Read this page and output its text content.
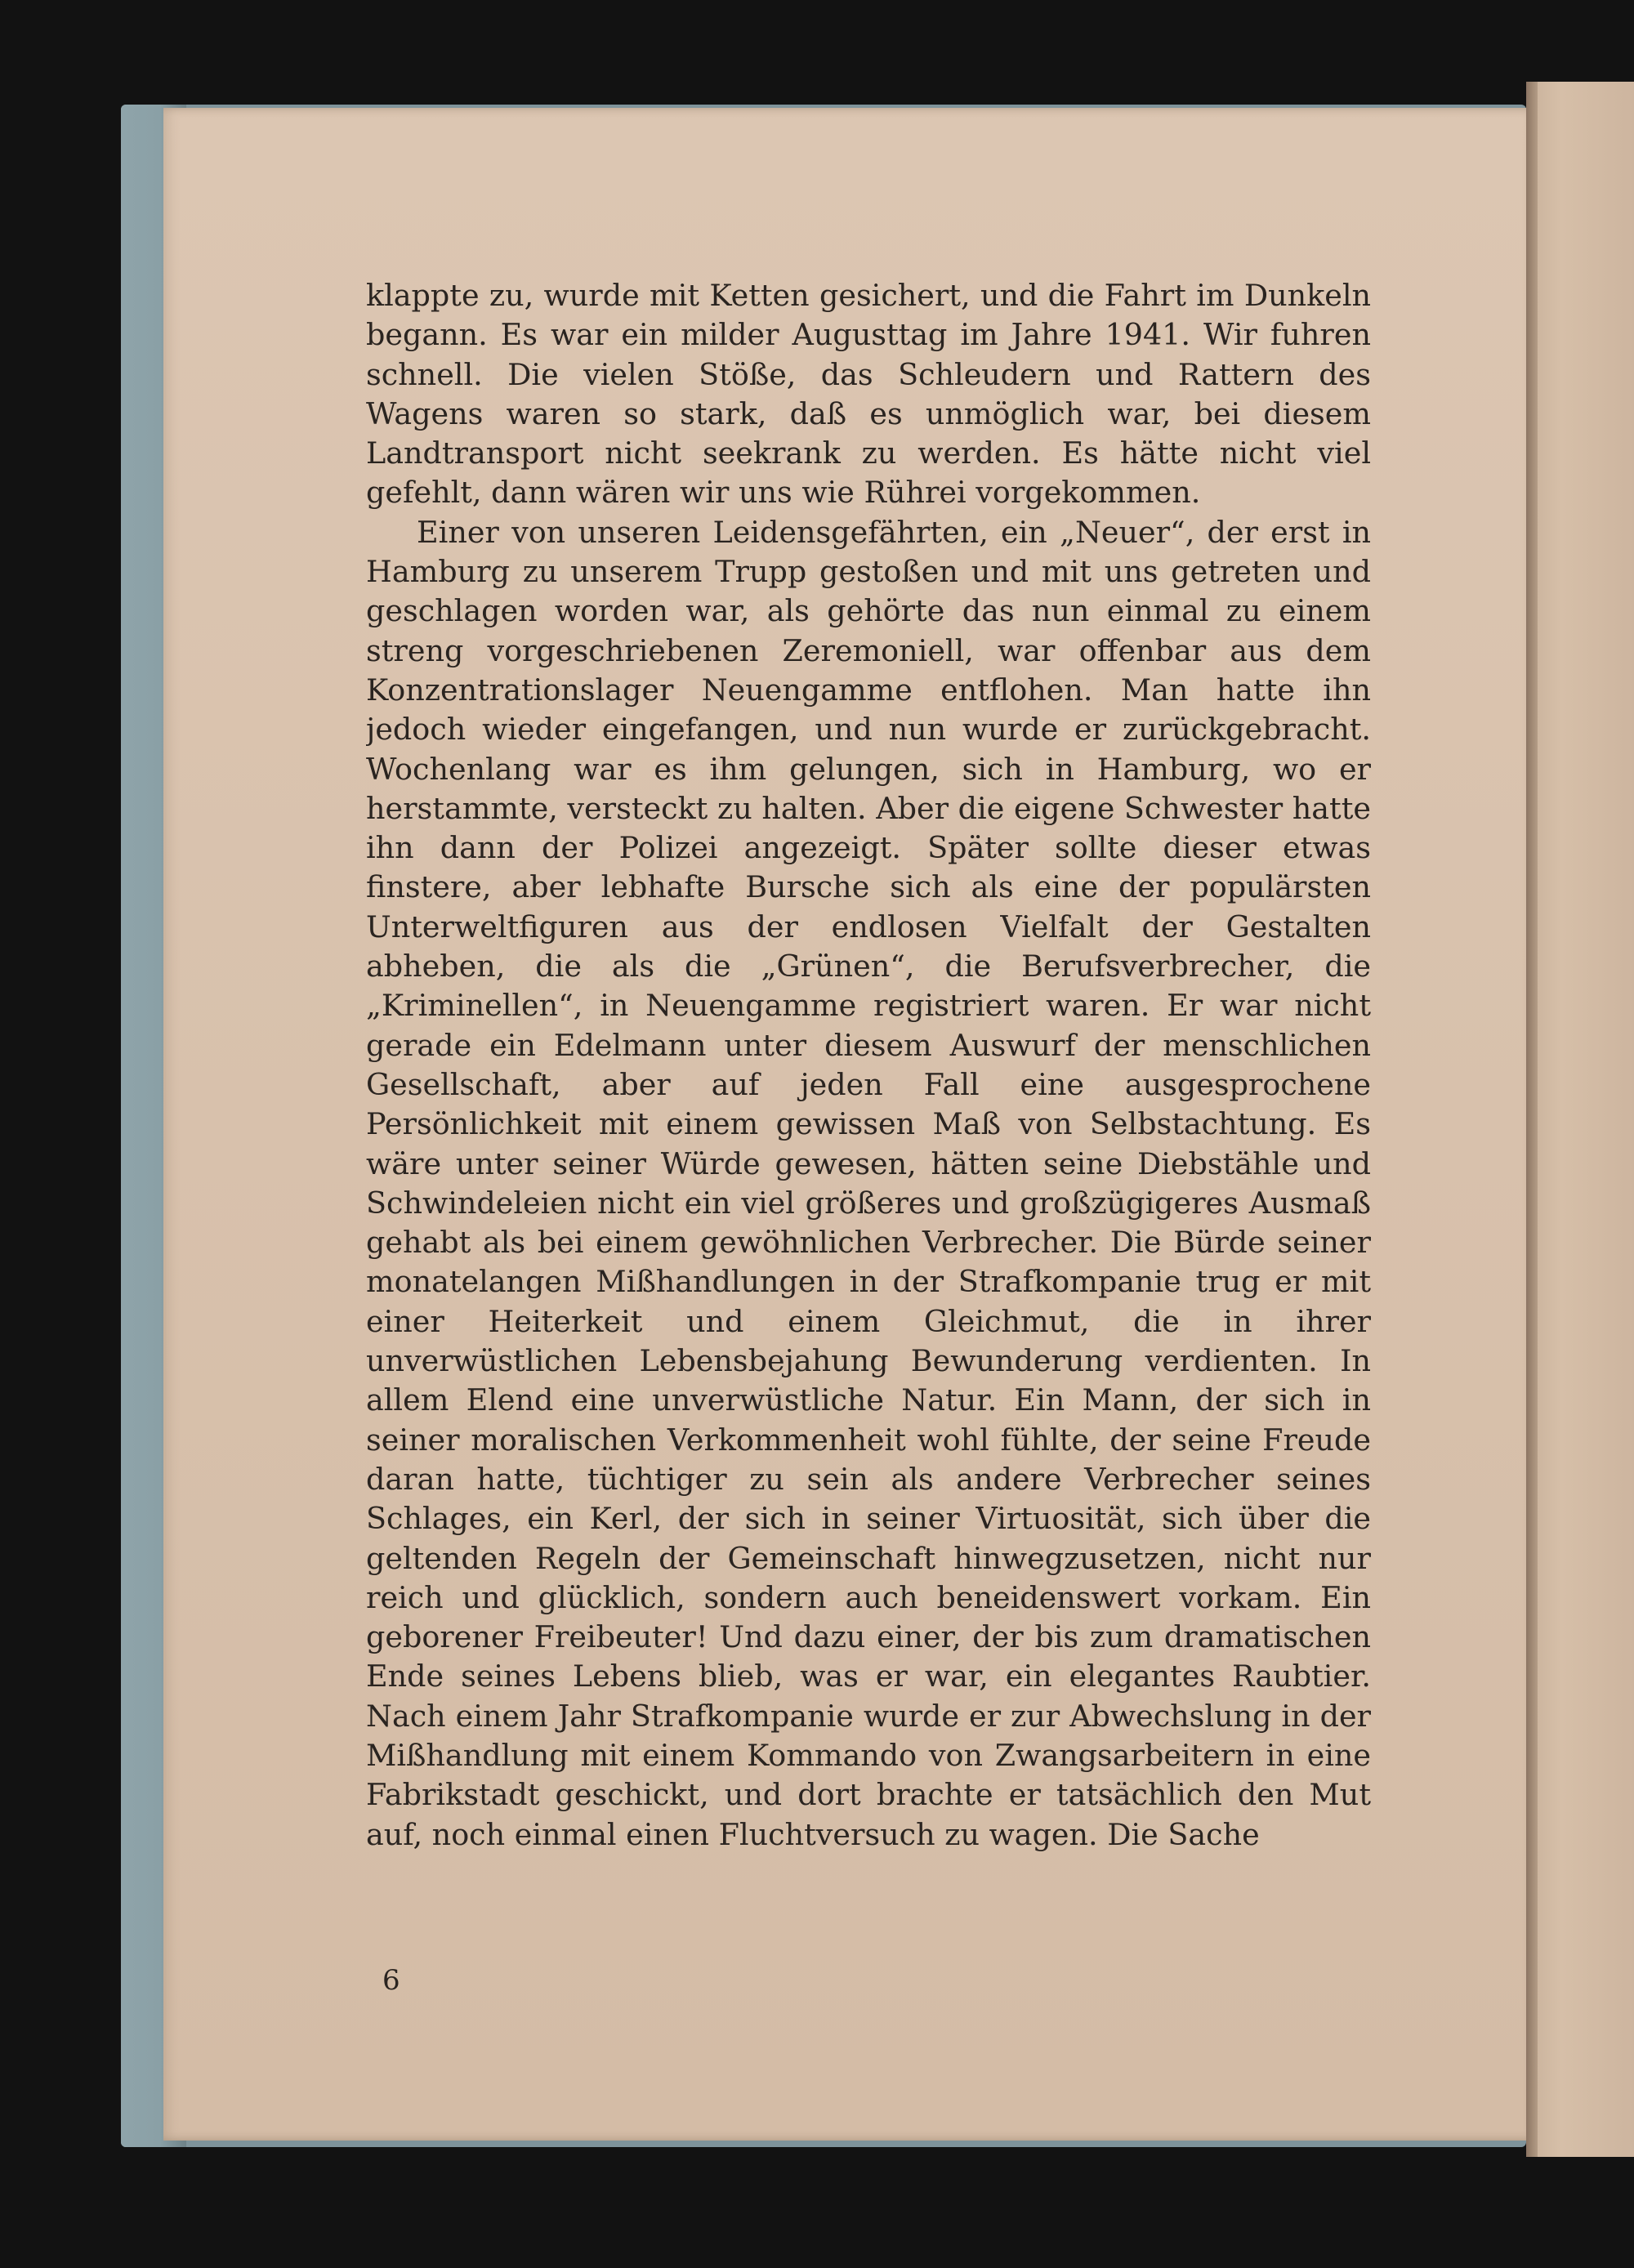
klappte zu, wurde mit Ketten gesichert, und die Fahrt im Dunkeln begann. Es war ein milder Augusttag im Jahre 1941. Wir fuhren schnell. Die vielen Stöße, das Schleudern und Rattern des Wagens waren so stark, daß es unmöglich war, bei diesem Landtransport nicht seekrank zu werden. Es hätte nicht viel gefehlt, dann wären wir uns wie Rührei vorgekommen.

Einer von unseren Leidensgefährten, ein „Neuer“, der erst in Hamburg zu unserem Trupp gestoßen und mit uns getreten und geschlagen worden war, als gehörte das nun einmal zu einem streng vorgeschriebenen Zeremoniell, war offenbar aus dem Konzentrationslager Neuengamme entflohen. Man hatte ihn jedoch wieder eingefangen, und nun wurde er zurückgebracht. Wochenlang war es ihm gelungen, sich in Hamburg, wo er herstammte, versteckt zu halten. Aber die eigene Schwester hatte ihn dann der Polizei angezeigt. Später sollte dieser etwas finstere, aber lebhafte Bursche sich als eine der populärsten Unterweltfiguren aus der endlosen Vielfalt der Gestalten abheben, die als die „Grünen“, die Berufsverbrecher, die „Kriminellen“, in Neuengamme registriert waren. Er war nicht gerade ein Edelmann unter diesem Auswurf der menschlichen Gesellschaft, aber auf jeden Fall eine ausgesprochene Persönlichkeit mit einem gewissen Maß von Selbstachtung. Es wäre unter seiner Würde gewesen, hätten seine Diebstähle und Schwindeleien nicht ein viel größeres und großzügigeres Ausmaß gehabt als bei einem gewöhnlichen Verbrecher. Die Bürde seiner monatelangen Mißhandlungen in der Strafkompanie trug er mit einer Heiterkeit und einem Gleichmut, die in ihrer unverwüstlichen Lebensbejahung Bewunderung verdienten. In allem Elend eine unverwüstliche Natur. Ein Mann, der sich in seiner moralischen Verkommenheit wohl fühlte, der seine Freude daran hatte, tüchtiger zu sein als andere Verbrecher seines Schlages, ein Kerl, der sich in seiner Virtuosität, sich über die geltenden Regeln der Gemeinschaft hinwegzusetzen, nicht nur reich und glücklich, sondern auch beneidenswert vorkam. Ein geborener Freibeuter! Und dazu einer, der bis zum dramatischen Ende seines Lebens blieb, was er war, ein elegantes Raubtier. Nach einem Jahr Strafkompanie wurde er zur Abwechslung in der Mißhandlung mit einem Kommando von Zwangsarbeitern in eine Fabrikstadt geschickt, und dort brachte er tatsächlich den Mut auf, noch einmal einen Fluchtversuch zu wagen. Die Sache

6
